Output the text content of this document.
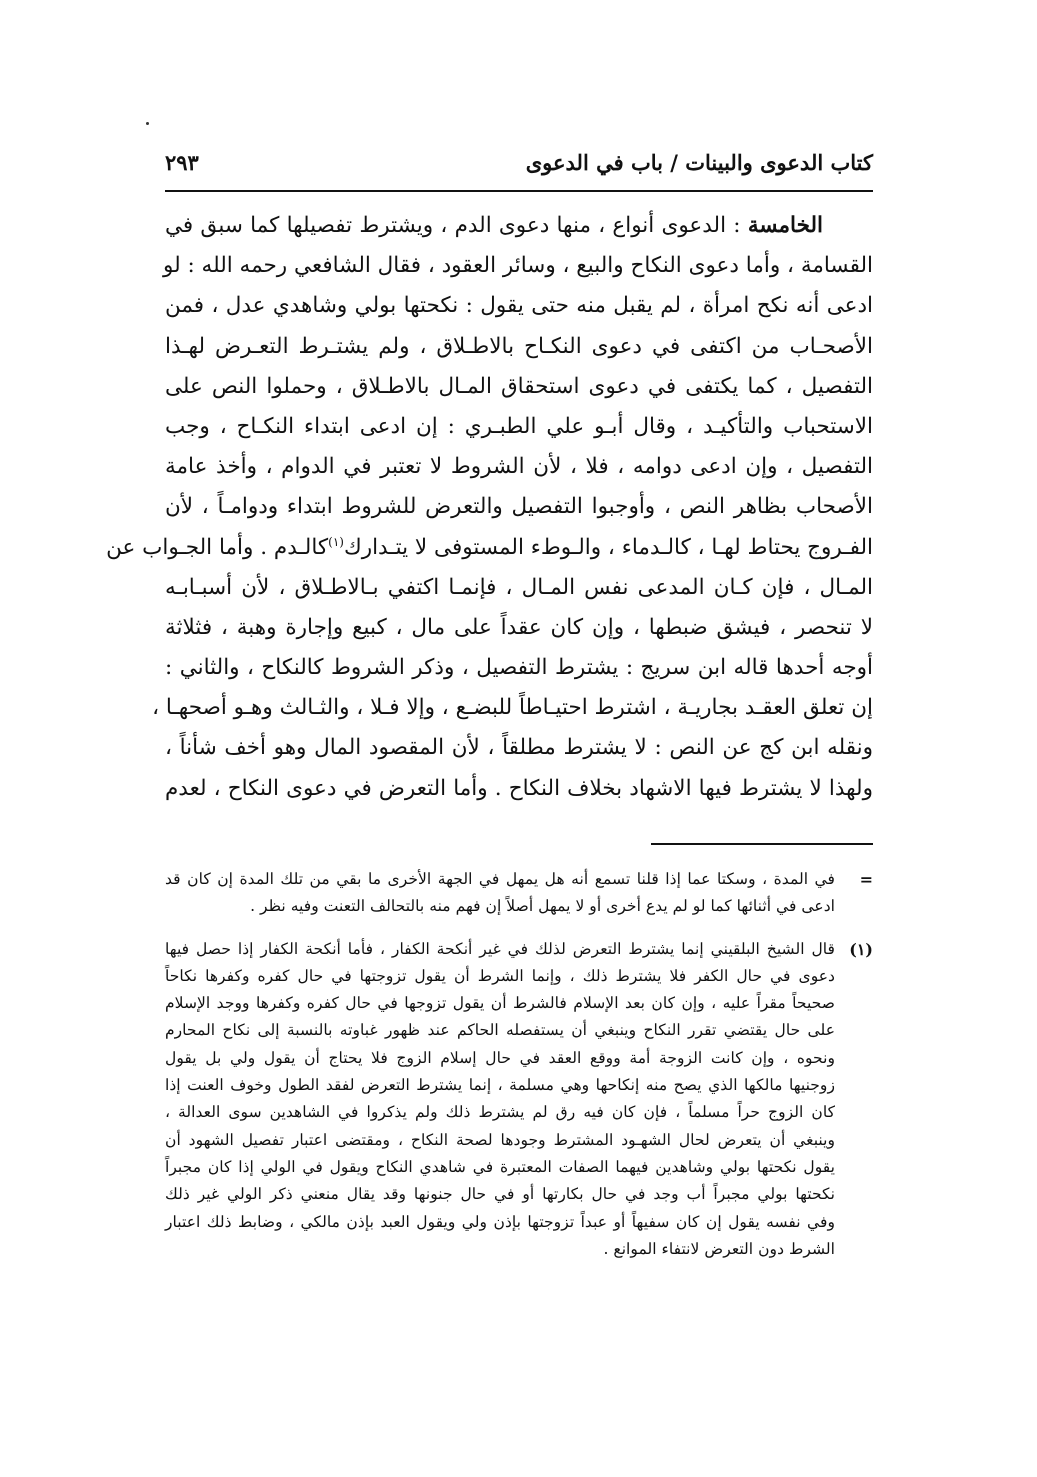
كتاب الدعوى والبينات / باب في الدعوى
٢٩٣
الخامسة : الدعوى أنواع ، منها دعوى الدم ، ويشترط تفصيلها كما سبق في
القسامة ، وأما دعوى النكاح والبيع ، وسائر العقود ، فقال الشافعي رحمه الله : لو
ادعى أنه نكح امرأة ، لم يقبل منه حتى يقول : نكحتها بولي وشاهدي عدل ، فمن
الأصحـاب من اكتفى في دعوى النكـاح بالاطـلاق ، ولم يشتـرط التعـرض لهـذا
التفصيل ، كما يكتفى في دعوى استحقاق المـال بالاطـلاق ، وحملوا النص على
الاستحباب والتأكيـد ، وقال أبـو علي الطبـري : إن ادعى ابتداء النكـاح ، وجب
التفصيل ، وإن ادعى دوامه ، فلا ، لأن الشروط لا تعتبر في الدوام ، وأخذ عامة
الأصحاب بظاهر النص ، وأوجبوا التفصيل والتعرض للشروط ابتداء ودوامـاً ، لأن
الفـروج يحتاط لهـا ، كالـدماء ، والـوطء المستوفى لا يتـدارك$^{(١)}$كالـدم . وأما الجـواب عن
المـال ، فإن كـان المدعى نفس المـال ، فإنمـا اكتفي بـالاطـلاق ، لأن أسبـابـه
لا تنحصر ، فيشق ضبطها ، وإن كان عقداً على مال ، كبيع وإجارة وهبة ، فثلاثة
أوجه أحدها قاله ابن سريج : يشترط التفصيل ، وذكر الشروط كالنكاح ، والثاني :
إن تعلق العقـد بجاريـة ، اشترط احتيـاطاً للبضـع ، وإلا فـلا ، والثـالث وهـو أصحهـا ،
ونقله ابن كج عن النص : لا يشترط مطلقاً ، لأن المقصود المال وهو أخف شأناً ،
ولهذا لا يشترط فيها الاشهاد بخلاف النكاح . وأما التعرض في دعوى النكاح ، لعدم
=
في المدة ، وسكتا عما إذا قلنا تسمع أنه هل يمهل في الجهة الأخرى ما بقي من تلك المدة إن كان قد
ادعى في أثنائها كما لو لم يدع أخرى أو لا يمهل أصلاً إن فهم منه بالتحالف التعنت وفيه نظر .
(١)
قال الشيخ البلقيني إنما يشترط التعرض لذلك في غير أنكحة الكفار ، فأما أنكحة الكفار إذا حصل فيها
دعوى في حال الكفر فلا يشترط ذلك ، وإنما الشرط أن يقول تزوجتها في حال كفره وكفرها نكاحاً
صحيحاً مقراً عليه ، وإن كان بعد الإسلام فالشرط أن يقول تزوجها في حال كفره وكفرها ووجد الإسلام
على حال يقتضي تقرر النكاح وينبغي أن يستفصله الحاكم عند ظهور غباوته بالنسبة إلى نكاح المحارم
ونحوه ، وإن كانت الزوجة أمة ووقع العقد في حال إسلام الزوج فلا يحتاج أن يقول ولي بل يقول
زوجنيها مالكها الذي يصح منه إنكاحها وهي مسلمة ، إنما يشترط التعرض لفقد الطول وخوف العنت إذا
كان الزوج حراً مسلماً ، فإن كان فيه رق لم يشترط ذلك ولم يذكروا في الشاهدين سوى العدالة ،
وينبغي أن يتعرض لحال الشهـود المشترط وجودها لصحة النكاح ، ومقتضى اعتبار تفصيل الشهود أن
يقول نكحتها بولي وشاهدين فيهما الصفات المعتبرة في شاهدي النكاح ويقول في الولي إذا كان مجبراً
نكحتها بولي مجبراً أب وجد في حال بكارتها أو في حال جنونها وقد يقال منعني ذكر الولي غير ذلك
وفي نفسه يقول إن كان سفيهاً أو عبداً تزوجتها بإذن ولي ويقول العبد بإذن مالكي ، وضابط ذلك اعتبار
الشرط دون التعرض لانتفاء الموانع .
